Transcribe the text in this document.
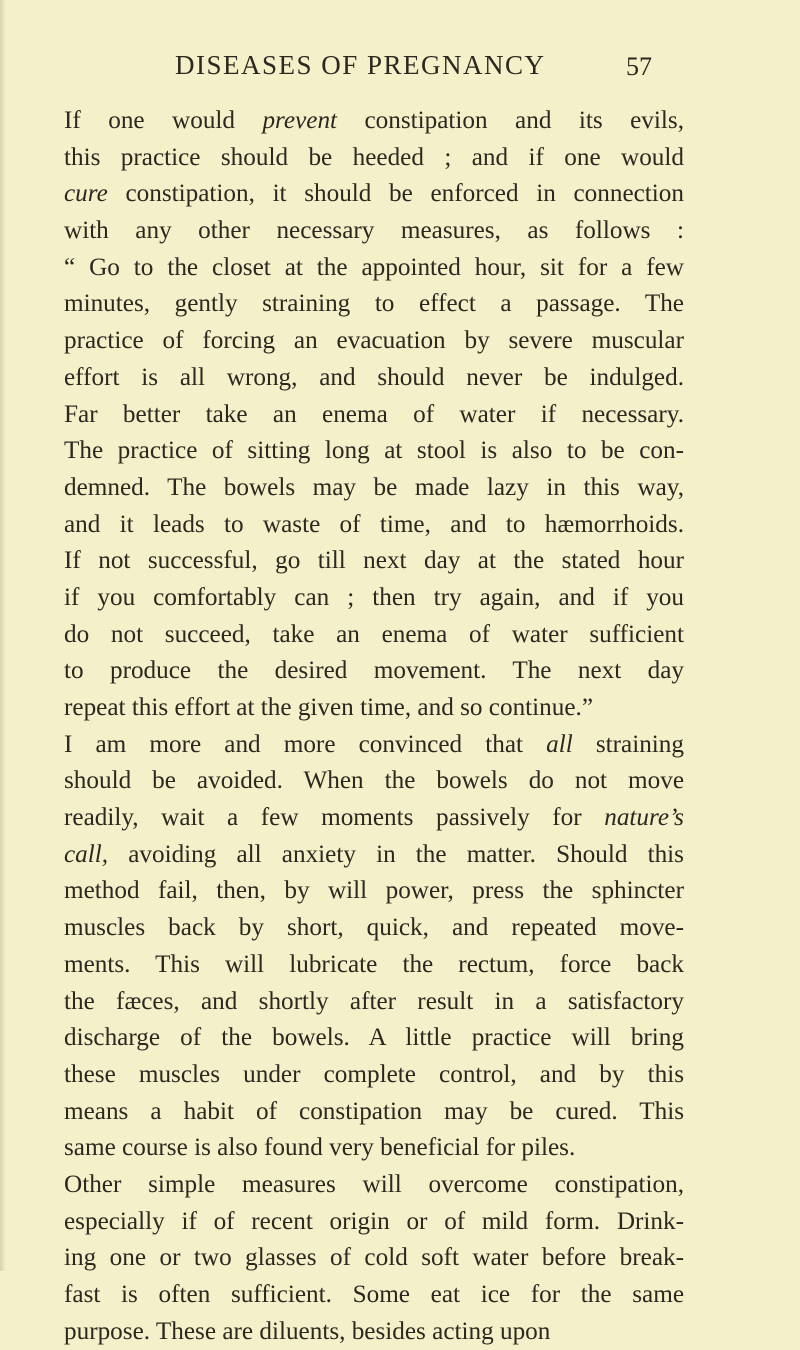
DISEASES OF PREGNANCY	57
If one would prevent constipation and its evils,
this practice should be heeded ; and if one would
cure constipation, it should be enforced in connection
with any other necessary measures, as follows :
“ Go to the closet at the appointed hour, sit for a few
minutes, gently straining to effect a passage. The
practice of forcing an evacuation by severe muscular
effort is all wrong, and should never be indulged.
Far better take an enema of water if necessary.
The practice of sitting long at stool is also to be con-
demned. The bowels may be made lazy in this way,
and it leads to waste of time, and to hæmorrhoids.
If not successful, go till next day at the stated hour
if you comfortably can ; then try again, and if you
do not succeed, take an enema of water sufficient
to produce the desired movement. The next day
repeat this effort at the given time, and so continue.”
I am more and more convinced that all straining
should be avoided. When the bowels do not move
readily, wait a few moments passively for nature’s
call, avoiding all anxiety in the matter. Should this
method fail, then, by will power, press the sphincter
muscles back by short, quick, and repeated move-
ments. This will lubricate the rectum, force back
the fæces, and shortly after result in a satisfactory
discharge of the bowels. A little practice will bring
these muscles under complete control, and by this
means a habit of constipation may be cured. This
same course is also found very beneficial for piles.
Other simple measures will overcome constipation,
especially if of recent origin or of mild form. Drink-
ing one or two glasses of cold soft water before break-
fast is often sufficient. Some eat ice for the same
purpose. These are diluents, besides acting upon
